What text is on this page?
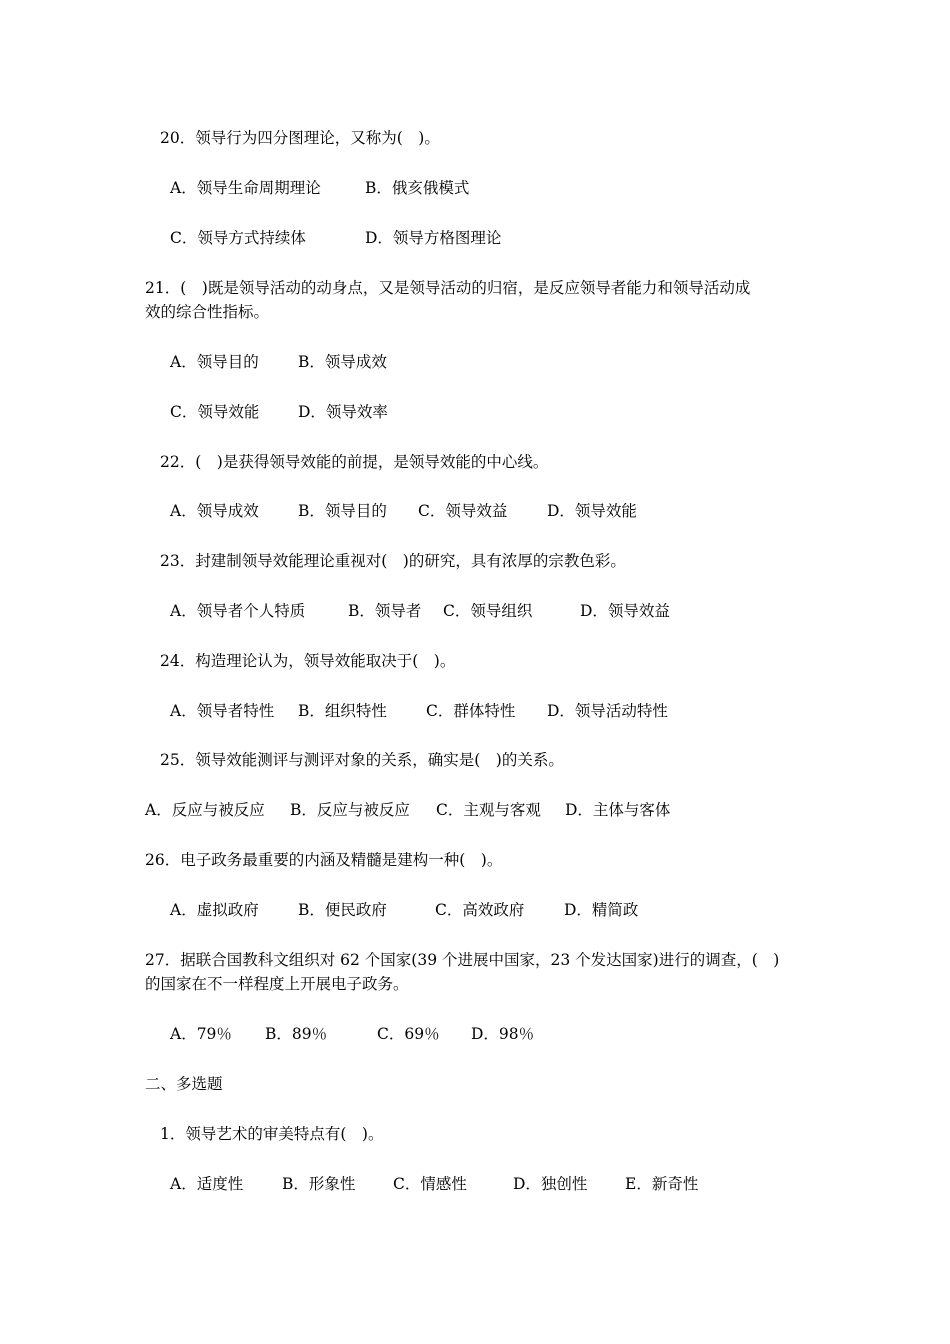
20．领导行为四分图理论，又称为(　)。
A．领导生命周期理论	B．俄亥俄模式
C．领导方式持续体	D．领导方格图理论
21．(　)既是领导活动的动身点，又是领导活动的归宿，是反应领导者能力和领导活动成
效的综合性指标。
A．领导目的	B．领导成效
C．领导效能 D．领导效率
22．(　)是获得领导效能的前提，是领导效能的中心线。
A．领导成效	B．领导目的 C．领导效益	D．领导效能
23．封建制领导效能理论重视对(　)的研究，具有浓厚的宗教色彩。
A．领导者个人特质	B．领导者 C．领导组织	D．领导效益
24．构造理论认为，领导效能取决于(　)。
A．领导者特性 B．组织特性	C．群体特性 D．领导活动特性
25．领导效能测评与测评对象的关系，确实是(　)的关系。
A．反应与被反应 B．反应与被反应 C．主观与客观 D．主体与客体
26．电子政务最重要的内涵及精髓是建构一种(　)。
A．虚拟政府	B．便民政府	C．高效政府	D．精简政
27．据联合国教科文组织对 62 个国家(39 个进展中国家，23 个发达国家)进行的调查，(　)
的国家在不一样程度上开展电子政务。
A．79％ B．89％	C．69％ D．98％
二、多选题
1．领导艺术的审美特点有(　)。
A．适度性	B．形象性 C．情感性	D．独创性 E．新奇性
